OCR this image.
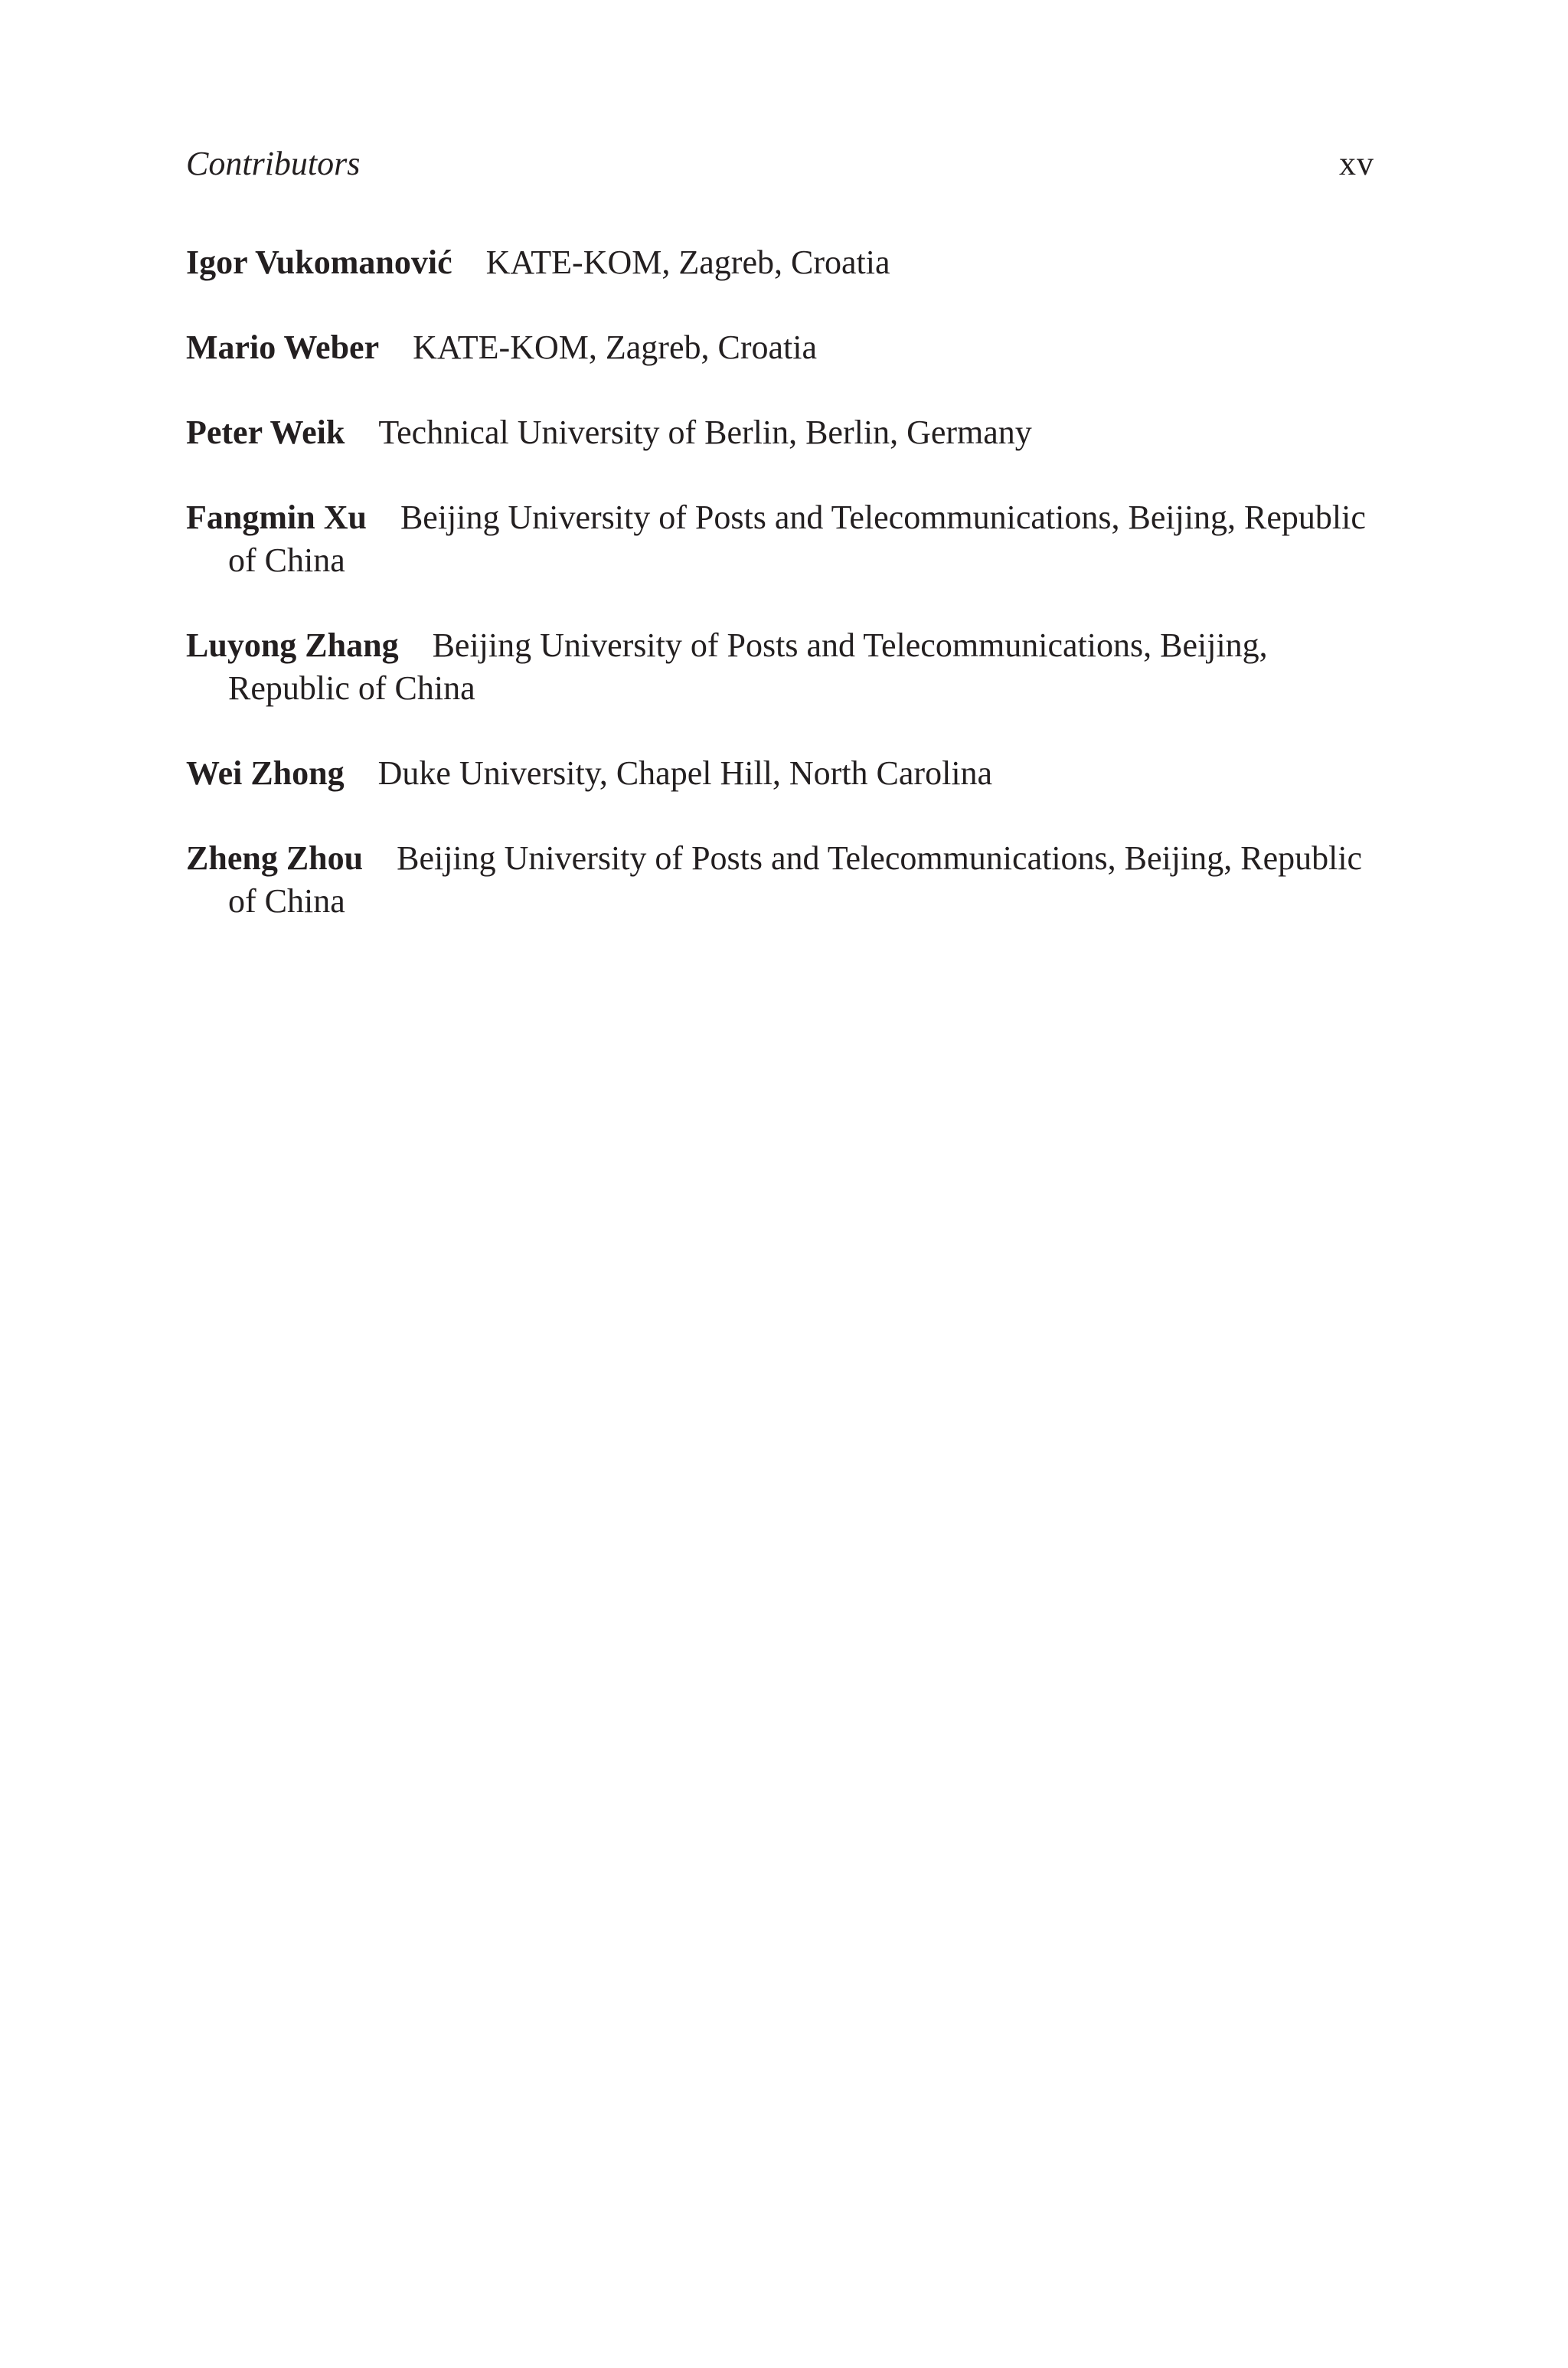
Contributors	xv

Igor Vukomanović KATE-KOM, Zagreb, Croatia

Mario Weber KATE-KOM, Zagreb, Croatia

Peter Weik Technical University of Berlin, Berlin, Germany

Fangmin Xu Beijing University of Posts and Telecommunications, Beijing, Republic of China

Luyong Zhang Beijing University of Posts and Telecommunications, Beijing, Republic of China

Wei Zhong Duke University, Chapel Hill, North Carolina

Zheng Zhou Beijing University of Posts and Telecommunications, Beijing, Republic of China
